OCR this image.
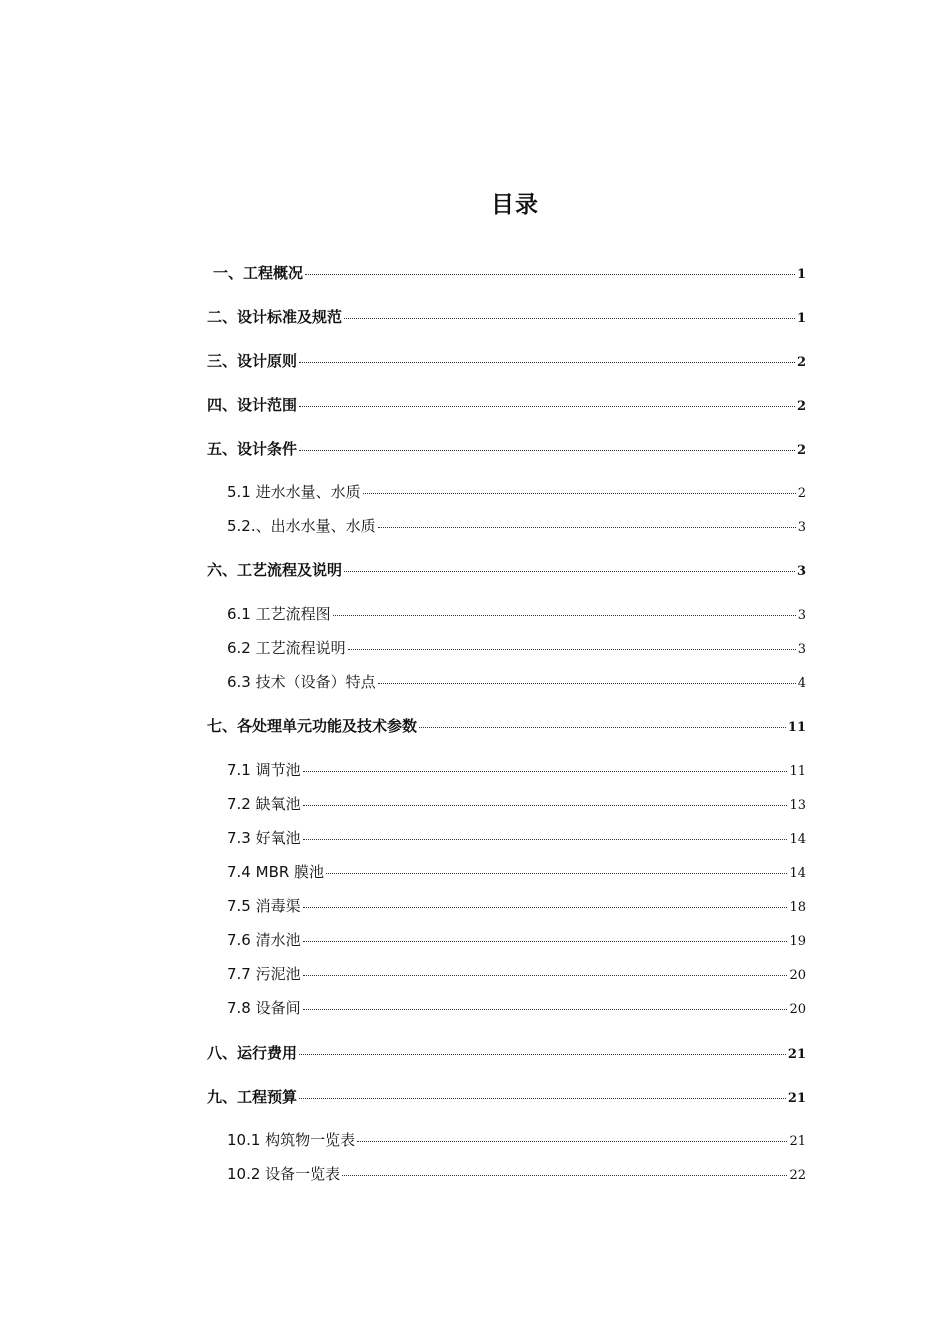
目录
一、工程概况	1
二、设计标准及规范	1
三、设计原则	2
四、设计范围	2
五、设计条件	2
5.1 进水水量、水质	2
5.2.、出水水量、水质	3
六、工艺流程及说明	3
6.1 工艺流程图	3
6.2 工艺流程说明	3
6.3 技术（设备）特点	4
七、各处理单元功能及技术参数	11
7.1 调节池	11
7.2 缺氧池	13
7.3 好氧池	14
7.4 MBR 膜池	14
7.5 消毒渠	18
7.6 清水池	19
7.7 污泥池	20
7.8 设备间	20
八、运行费用	21
九、工程预算	21
10.1 构筑物一览表	21
10.2 设备一览表	22
